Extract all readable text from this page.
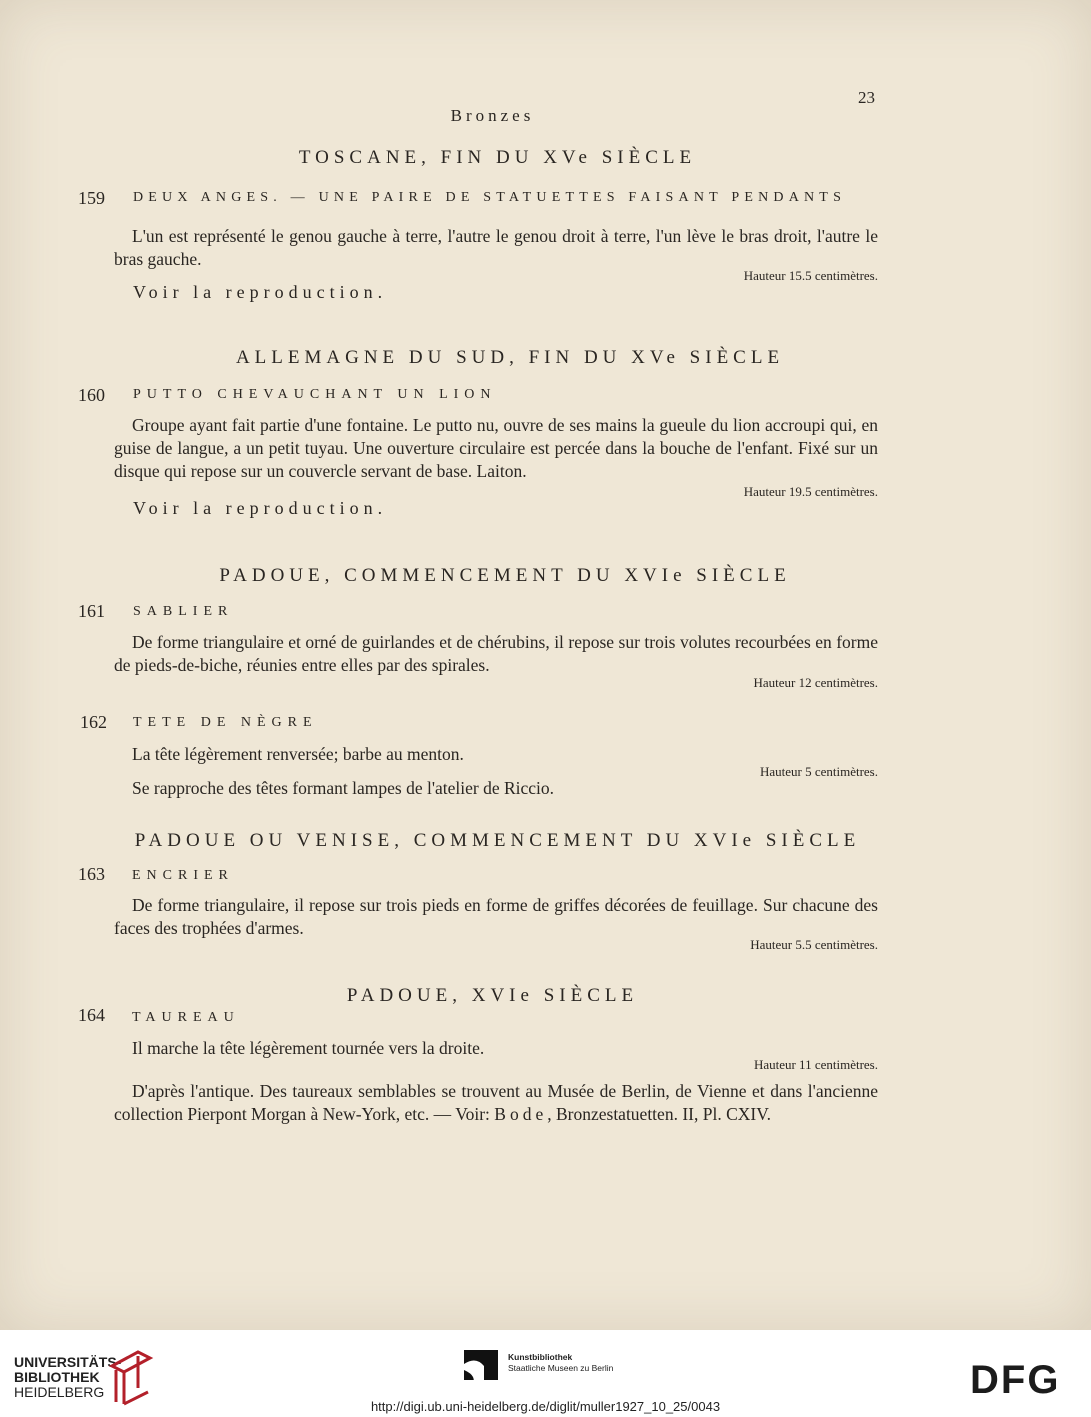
23
Bronzes
TOSCANE, FIN DU XVe SIÈCLE
159 DEUX ANGES. — UNE PAIRE DE STATUETTES FAISANT PENDANTS
L'un est représenté le genou gauche à terre, l'autre le genou droit à terre, l'un lève le bras droit, l'autre le bras gauche.
Hauteur 15.5 centimètres.
Voir la reproduction.
ALLEMAGNE DU SUD, FIN DU XVe SIÈCLE
160 PUTTO CHEVAUCHANT UN LION
Groupe ayant fait partie d'une fontaine. Le putto nu, ouvre de ses mains la gueule du lion accroupi qui, en guise de langue, a un petit tuyau. Une ouverture circulaire est percée dans la bouche de l'enfant. Fixé sur un disque qui repose sur un couvercle servant de base. Laiton.
Hauteur 19.5 centimètres.
Voir la reproduction.
PADOUE, COMMENCEMENT DU XVIe SIÈCLE
161 SABLIER
De forme triangulaire et orné de guirlandes et de chérubins, il repose sur trois volutes recourbées en forme de pieds-de-biche, réunies entre elles par des spirales.
Hauteur 12 centimètres.
162 TETE DE NÈGRE
La tête légèrement renversée; barbe au menton.
Hauteur 5 centimètres.
Se rapproche des têtes formant lampes de l'atelier de Riccio.
PADOUE OU VENISE, COMMENCEMENT DU XVIe SIÈCLE
163 ENCRIER
De forme triangulaire, il repose sur trois pieds en forme de griffes décorées de feuillage. Sur chacune des faces des trophées d'armes.
Hauteur 5.5 centimètres.
PADOUE, XVIe SIÈCLE
164 TAUREAU
Il marche la tête légèrement tournée vers la droite.
Hauteur 11 centimètres.
D'après l'antique. Des taureaux semblables se trouvent au Musée de Berlin, de Vienne et dans l'ancienne collection Pierpont Morgan à New-York, etc. — Voir: Bode, Bronzestatuetten. II, Pl. CXIV.
UNIVERSITÄTS-
BIBLIOTHEK
HEIDELBERG
Kunstbibliothek
Staatliche Museen zu Berlin	DFG
http://digi.ub.uni-heidelberg.de/diglit/muller1927_10_25/0043
